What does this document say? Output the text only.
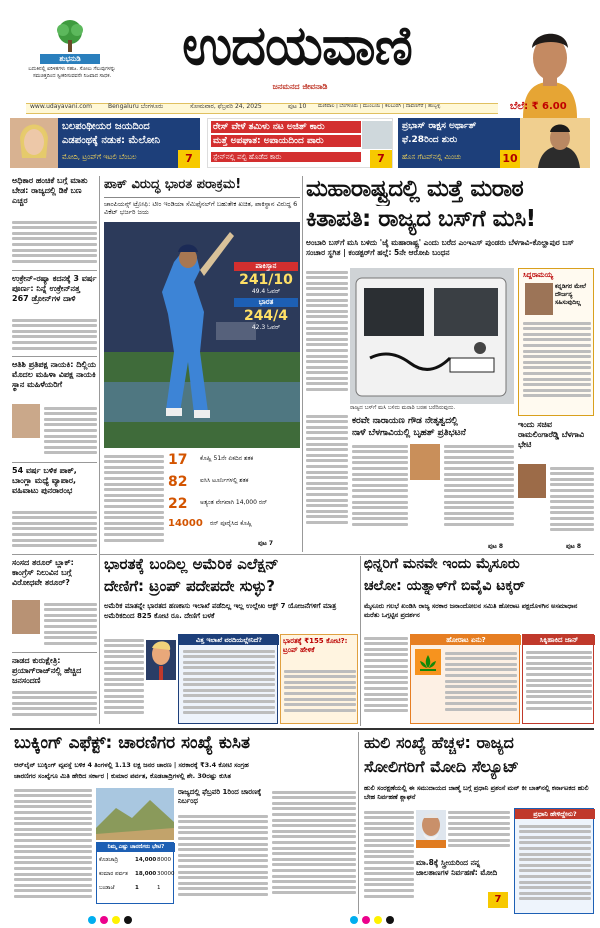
ಶುಭನುಡಿ
ಬದುಕಿನಲ್ಲಿ ಏರಿಳಿತಗಳು ಸಹಜ. ಸೋಲು ಗೆಲುವುಗಳನ್ನು ಸಮಚಿತ್ತದಿಂದ ಸ್ವೀಕರಿಸುವವನೇ ನಿಜವಾದ ಸಾಧಕ.	ಉದಯವಾಣಿ
ಜನಮನದ ಜೀವನಾಡಿ
www.udayavani.com	Bengaluru ಬೆಂಗಳೂರು	ಸೋಮವಾರ, ಫೆಬ್ರವರಿ 24, 2025	ಪುಟ 10 ಮಣಿಪಾಲ | ಬೆಂಗಳೂರು | ಮುಂಬಯಿ | ಕಲಬುರಗಿ | ದಾವಣಗೆರೆ | ಹುಬ್ಬಳ್ಳಿ	ಬೆಲೆ: ₹ 6.00
ಬಲಪಂಥೀಯರ ಜಯದಿಂದ
ಎಡಪಂಥಕ್ಕೆ ನಡುಕ: ಮೆಲೋನಿ
ಮೋದಿ, ಟ್ರಂಪ್‌ಗೆ ಇಟಲಿ ಬೆಂಬಲ	7
ರೇಸ್ ವೇಳೆ ತಮಿಳು ನಟ ಅಜಿತ್ ಕಾರು
ಮತ್ತೆ ಅಪಘಾತ: ಅಪಾಯದಿಂದ ಪಾರು
ಸ್ಪೇನ್‌ನಲ್ಲಿ ಪಲ್ಟಿ ಹೊಡೆದ ಕಾರು	7
ಪ್ರಭಾಸ್ ರಾಕ್ಷಸ ಅರ್ಥಾತ್
ಫೆ.28ರಿಂದ ಶುರು
ಹೊಸ ಗೆಟಪ್‌ನಲ್ಲಿ ಮಿಂಚು	10
ಅಧಿಕಾರ ಹಂಚಿಕೆ ಬಗ್ಗೆ ಮಾತು ಬೇಡ: ರಾಜ್ಯದಲ್ಲಿ ಡಿಕೆ ಬಣ ಎಚ್ಚರ
ಉಕ್ರೇನ್-ರಷ್ಯಾ ಕದನಕ್ಕೆ 3 ವರ್ಷ ಪೂರ್ಣ: ನಿನ್ನೆ ಉಕ್ರೇನ್‌ನತ್ತ 267 ಡ್ರೋನ್‌ಗಳ ದಾಳಿ
ಆತಿಶಿ ಪ್ರತಿಪಕ್ಷ ನಾಯಕಿ: ದಿಲ್ಲಿಯ ಮೊದಲ ಮಹಿಳಾ ವಿಪಕ್ಷ ನಾಯಕಿ ಸ್ಥಾನ ಮಹಿಳೆಯರಿಗೆ
54 ವರ್ಷ ಬಳಿಕ ಪಾಕ್, ಬಾಂಗ್ಲಾ ಮಧ್ಯೆ ವ್ಯಾಪಾರ, ವಹಿವಾಟು ಪುನರಾರಂಭ
ಸಂಸದ ತರೂರ್ ಬ್ಲಾಕ್: ಕಾಂಗ್ರೆಸ್ ನಿಲುವಿನ ಬಗ್ಗೆ ವಿರೋಧವೇ ತರೂರ್?
ನಾಡದ ಕುರುಕ್ಷೇತ್ರಿ: ಪ್ರಯಾಗ್‌ರಾಜ್‌ನಲ್ಲಿ ಹೆಚ್ಚಿದ ಜನಸಂದಣಿ
ಪಾಕ್ ವಿರುದ್ಧ ಭಾರತ ಪರಾಕ್ರಮ!
ಚಾಂಪಿಯನ್ಸ್ ಟ್ರೋಫಿ: ಟೀಂ ಇಂಡಿಯಾ ಸೆಮಿಫೈನಲ್‌ಗೆ ಬಹುತೇಕ ಖಚಿತ, ಪಾಕಿಸ್ಥಾನ ವಿರುದ್ಧ 6 ವಿಕೆಟ್ ಭರ್ಜರಿ ಜಯ
ಪಾಕಿಸ್ತಾನ
241/10
49.4 ಓವರ್
ಭಾರತ
244/4
42.3 ಓವರ್
17	ಕೊಹ್ಲಿ 51ನೇ ಏಕದಿನ ಶತಕ
82	ಐಸಿಸಿ ಟೂರ್ನಿಗಳಲ್ಲಿ ಶತಕ
22	ಅತ್ಯಂತ ವೇಗವಾಗಿ 14,000 ರನ್
14000	ರನ್ ಪೂರೈಸಿದ ಕೊಹ್ಲಿ
ಪುಟ 7
ಮಹಾರಾಷ್ಟ್ರದಲ್ಲಿ ಮತ್ತೆ ಮರಾಠ
ಕಿತಾಪತಿ: ರಾಜ್ಯದ ಬಸ್‌ಗೆ ಮಸಿ!
ಅಂಬಾರಿ ಬಸ್‌ಗೆ ಮಸಿ ಬಳಿದು 'ಜೈ ಮಹಾರಾಷ್ಟ್ರ' ಎಂದು ಬರೆದ ಎಂಇಎಸ್ ಪುಂಡರು ಬೆಳಗಾವಿ-ಕೊಲ್ಹಾಪುರ ಬಸ್ ಸಂಚಾರ ಸ್ಥಗಿತ | ಕಂಡಕ್ಟರ್‌ಗೆ ಹಲ್ಲೆ: 5ನೇ ಆರೋಪಿ ಬಂಧನ
ರಾಜ್ಯದ ಬಸ್‌ಗೆ ಮಸಿ ಬಳಿದು ಮರಾಠಿ ಬರಹ ಬರೆದಿರುವುದು.
ಸಿದ್ದರಾಮಯ್ಯ
ಕನ್ನಡಿಗರ ಮೇಲೆ ದೌರ್ಜನ್ಯ ಸಹಿಸುವುದಿಲ್ಲ
ಕರವೇ ನಾರಾಯಣ ಗೌಡ ನೇತೃತ್ವದಲ್ಲಿ
ನಾಳೆ ಬೆಳಗಾವಿಯಲ್ಲಿ ಬೃಹತ್ ಪ್ರತಿಭಟನೆ
ಪುಟ 8
ಇಂದು ಸಚಿವ ರಾಮಲಿಂಗಾರೆಡ್ಡಿ ಬೆಳಗಾವಿ ಭೇಟಿ
ಪುಟ 8
ಭಾರತಕ್ಕೆ ಬಂದಿಲ್ಲ ಅಮೆರಿಕ ಎಲೆಕ್ಷನ್
ದೇಣಿಗೆ: ಟ್ರಂಪ್ ಪದೇಪದೇ ಸುಳ್ಳು?
ಅಮೆರಿಕ ಮಾತನ್ನೇ ಭಾರತದ ಹಣಕಾಸು ಇಲಾಖೆ ಪಡೆದಿಲ್ಲ ಇಲ್ಲ ಉಲ್ಲೇಖ ಆಕ್ಟ್ 7 ಯೋಜನೆಗಳಿಗೆ ಮಾತ್ರ ಅಮೆರಿಕದಿಂದ 825 ಕೋಟಿ ರೂ. ದೇಣಿಗೆ ಬಳಕೆ
ವಿತ್ತ ಇಲಾಖೆ ವರದಿಯಲ್ಲೇನಿದೆ?	ಭಾರತಕ್ಕೆ ₹155 ಕೋಟಿ?: ಟ್ರಂಪ್ ಹೇಳಿಕೆ
ಛಿನ್ನರಿಗೆ ಮನವೇ ಇಂದು ಮೈಸೂರು
ಚಲೋ: ಯತ್ನಾಳ್‌ಗೆ ಬಿವೈವಿ ಟಕ್ಕರ್
ಮೈಸೂರು ಗಲಭೆ ಖಂಡಿಸಿ ರಾಜ್ಯ ಸರಕಾರ ಜನಾಂದೋಲನ ಸಮಿತಿ ಹೋರಾಟ ಪಕ್ಷದೊಳಗಿನ ಅಸಮಾಧಾನ ಮರೆತು ಒಗ್ಗಟ್ಟಿನ ಪ್ರದರ್ಶನ
ಹೋರಾಟ ಏನು?	ಸಿಕ್ಕಿಹಾಕಿದ ಜಾನ್
ಬುಕ್ಕಿಂಗ್ ಎಫೆಕ್ಟ್: ಚಾರಣಿಗರ ಸಂಖ್ಯೆ ಕುಸಿತ
ಆನ್‌ಲೈನ್ ಬುಕ್ಕಿಂಗ್ ವ್ಯವಸ್ಥೆ ಬಳಿಕ 4 ತಿಂಗಳಲ್ಲಿ 1.13 ಲಕ್ಷ ಜನರ ಚಾರಣ | ಸರಕಾರಕ್ಕೆ ₹3.4 ಕೋಟಿ ಸಂಗ್ರಹ
ಚಾರಣಿಗರ ಸಂಖ್ಯೆಗೂ ಮಿತಿ ಹೇರಿದ ಸರ್ಕಾರ | ಕುಮಾರ ಪರ್ವತ, ಕೊಡಚಾದ್ರಿಗಳಲ್ಲಿ ಶೇ. 30ರಷ್ಟು ಕುಸಿತ
ರಾಜ್ಯದಲ್ಲಿ ಫೆಬ್ರವರಿ 1ರಿಂದ ಚಾರಣಕ್ಕೆ ನಿರ್ಬಂಧ
ನಿಮ್ಮ ಎಷ್ಟು ಚಾರಣಿಗರು ಭೇಟಿ?
ಕೊಡಚಾದ್ರಿ	14,000 8000
ಕುಮಾರ ಪರ್ವತ	18,000 30000
ಬಂಡಾಜೆ	1	1
ಹುಲಿ ಸಂಖ್ಯೆ ಹೆಚ್ಚಳ: ರಾಜ್ಯದ
ಸೋಲಿಗರಿಗೆ ಮೋದಿ ಸೆಲ್ಯೂಟ್
ಹುಲಿ ಸಂರಕ್ಷಣೆಯಲ್ಲಿ ಈ ಸಮುದಾಯದ ಜಾಣ್ಮೆ ಬಗ್ಗೆ ಪ್ರಧಾನಿ ಪ್ರಶಂಸೆ ಮನ್ ಕೀ ಬಾತ್‌ನಲ್ಲಿ ಕರ್ನಾಟಕದ ಹುಲಿ ಬೇಹ ನಿರ್ವಹಣೆ ಶ್ಲಾಘನೆ
ಮಾ.8ಕ್ಕೆ ಸ್ತ್ರೀಯರಿಂದ ನನ್ನ ಜಾಲತಾಣಗಳ ನಿರ್ವಹಣೆ: ಮೋದಿ
7
ಪ್ರಧಾನಿ ಹೇಳಿದ್ದೇನು?
